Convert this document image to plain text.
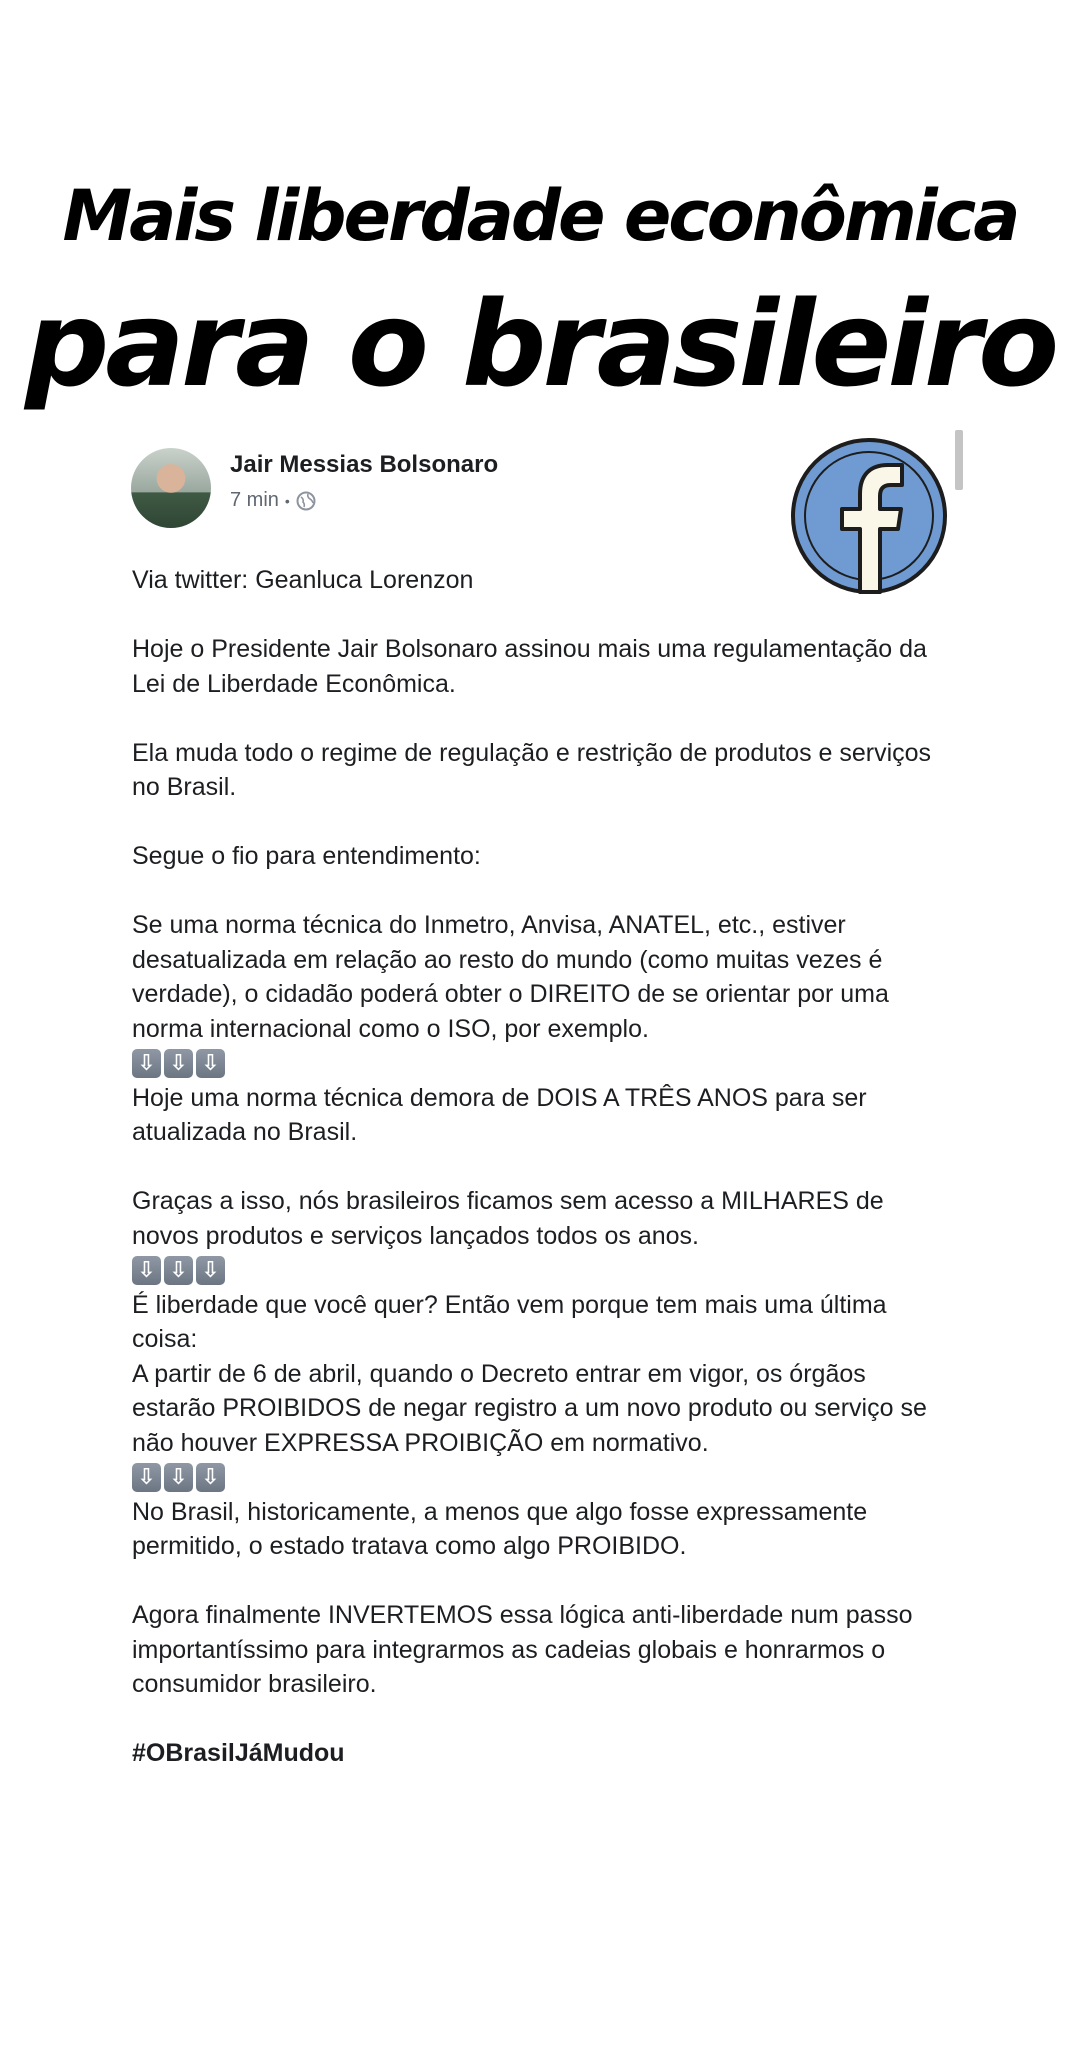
Mais liberdade econômica
para o brasileiro
Jair Messias Bolsonaro
7 min •

Via twitter: Geanluca Lorenzon

Hoje o Presidente Jair Bolsonaro assinou mais uma regulamentação da Lei de Liberdade Econômica.

Ela muda todo o regime de regulação e restrição de produtos e serviços no Brasil.

Segue o fio para entendimento:

Se uma norma técnica do Inmetro, Anvisa, ANATEL, etc., estiver desatualizada em relação ao resto do mundo (como muitas vezes é verdade), o cidadão poderá obter o DIREITO de se orientar por uma norma internacional como o ISO, por exemplo.

⇩ ⇩ ⇩

Hoje uma norma técnica demora de DOIS A TRÊS ANOS para ser atualizada no Brasil.

Graças a isso, nós brasileiros ficamos sem acesso a MILHARES de novos produtos e serviços lançados todos os anos.

⇩ ⇩ ⇩

É liberdade que você quer? Então vem porque tem mais uma última coisa:

A partir de 6 de abril, quando o Decreto entrar em vigor, os órgãos estarão PROIBIDOS de negar registro a um novo produto ou serviço se não houver EXPRESSA PROIBIÇÃO em normativo.

⇩ ⇩ ⇩

No Brasil, historicamente, a menos que algo fosse expressamente permitido, o estado tratava como algo PROIBIDO.

Agora finalmente INVERTEMOS essa lógica anti-liberdade num passo importantíssimo para integrarmos as cadeias globais e honrarmos o consumidor brasileiro.

#OBrasilJáMudou
